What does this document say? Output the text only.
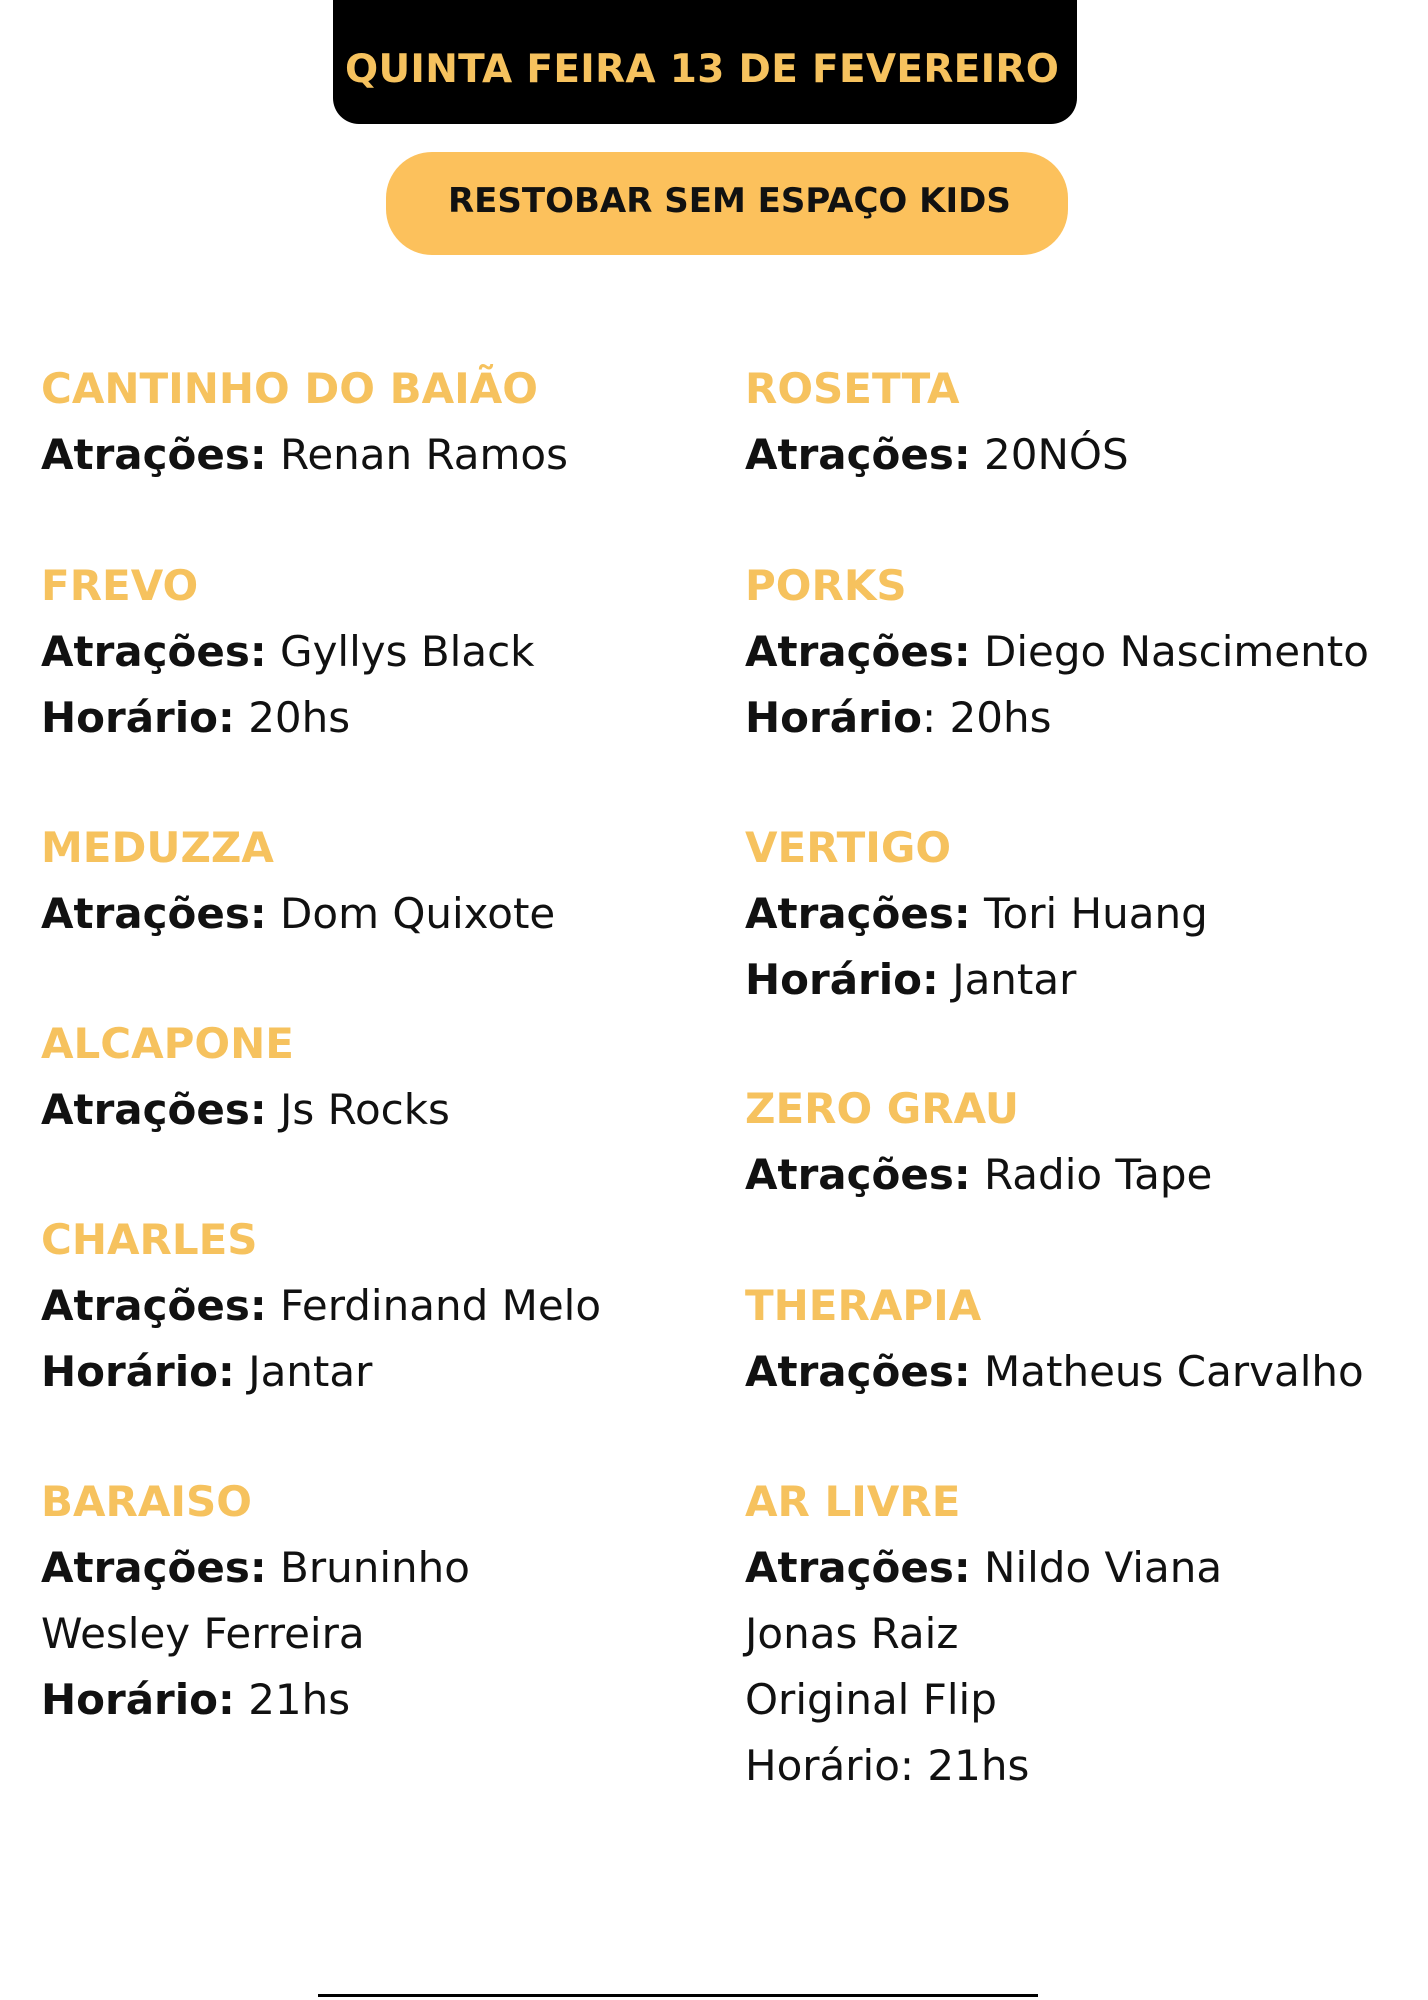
QUINTA FEIRA 13 DE FEVEREIRO
RESTOBAR SEM ESPAÇO KIDS
CANTINHO DO BAIÃO
Atrações: Renan Ramos
FREVO
Atrações: Gyllys Black
Horário: 20hs
MEDUZZA
Atrações: Dom Quixote
ALCAPONE
Atrações: Js Rocks
CHARLES
Atrações: Ferdinand Melo
Horário: Jantar
BARAISO
Atrações: Bruninho
Wesley Ferreira
Horário: 21hs
ROSETTA
Atrações: 20NÓS
PORKS
Atrações: Diego Nascimento
Horário: 20hs
VERTIGO
Atrações: Tori Huang
Horário: Jantar
ZERO GRAU
Atrações: Radio Tape
THERAPIA
Atrações: Matheus Carvalho
AR LIVRE
Atrações: Nildo Viana
Jonas Raiz
Original Flip
Horário: 21hs
